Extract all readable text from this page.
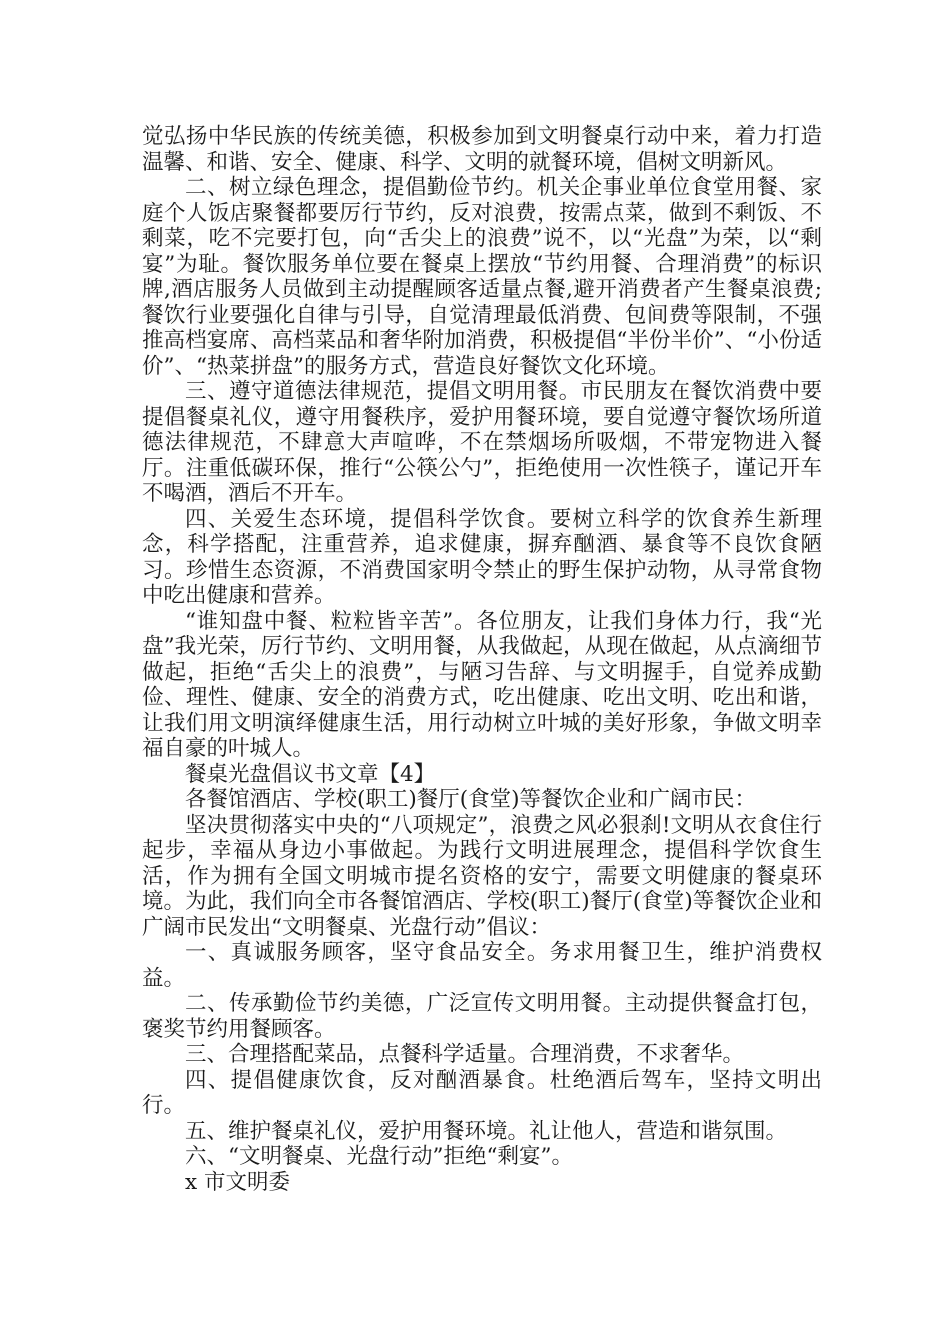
觉弘扬中华民族的传统美德，积极参加到文明餐桌行动中来，着力打造温馨、和谐、安全、健康、科学、文明的就餐环境，倡树文明新风。

二、树立绿色理念，提倡勤俭节约。机关企事业单位食堂用餐、家庭个人饭店聚餐都要厉行节约，反对浪费，按需点菜，做到不剩饭、不剩菜，吃不完要打包，向“舌尖上的浪费”说不，以“光盘”为荣，以“剩宴”为耻。餐饮服务单位要在餐桌上摆放“节约用餐、合理消费”的标识牌,酒店服务人员做到主动提醒顾客适量点餐,避开消费者产生餐桌浪费;餐饮行业要强化自律与引导，自觉清理最低消费、包间费等限制，不强推高档宴席、高档菜品和奢华附加消费，积极提倡“半份半价”、“小份适价”、“热菜拼盘”的服务方式，营造良好餐饮文化环境。

三、遵守道德法律规范，提倡文明用餐。市民朋友在餐饮消费中要提倡餐桌礼仪，遵守用餐秩序，爱护用餐环境，要自觉遵守餐饮场所道德法律规范，不肆意大声喧哗，不在禁烟场所吸烟，不带宠物进入餐厅。注重低碳环保，推行“公筷公勺”，拒绝使用一次性筷子，谨记开车不喝酒，酒后不开车。

四、关爱生态环境，提倡科学饮食。要树立科学的饮食养生新理念，科学搭配，注重营养，追求健康，摒弃酗酒、暴食等不良饮食陋习。珍惜生态资源，不消费国家明令禁止的野生保护动物，从寻常食物中吃出健康和营养。

“谁知盘中餐、粒粒皆辛苦”。各位朋友，让我们身体力行，我“光盘”我光荣，厉行节约、文明用餐，从我做起，从现在做起，从点滴细节做起，拒绝“舌尖上的浪费”，与陋习告辞、与文明握手，自觉养成勤俭、理性、健康、安全的消费方式，吃出健康、吃出文明、吃出和谐，让我们用文明演绎健康生活，用行动树立叶城的美好形象，争做文明幸福自豪的叶城人。

餐桌光盘倡议书文章【4】

各餐馆酒店、学校(职工)餐厅(食堂)等餐饮企业和广阔市民：

坚决贯彻落实中央的“八项规定”，浪费之风必狠刹!文明从衣食住行起步，幸福从身边小事做起。为践行文明进展理念，提倡科学饮食生活，作为拥有全国文明城市提名资格的安宁，需要文明健康的餐桌环境。为此，我们向全市各餐馆酒店、学校(职工)餐厅(食堂)等餐饮企业和广阔市民发出“文明餐桌、光盘行动”倡议：

一、真诚服务顾客，坚守食品安全。务求用餐卫生，维护消费权益。

二、传承勤俭节约美德，广泛宣传文明用餐。主动提供餐盒打包，褒奖节约用餐顾客。

三、合理搭配菜品，点餐科学适量。合理消费，不求奢华。

四、提倡健康饮食，反对酗酒暴食。杜绝酒后驾车，坚持文明出行。

五、维护餐桌礼仪，爱护用餐环境。礼让他人，营造和谐氛围。

六、“文明餐桌、光盘行动”拒绝“剩宴”。

x 市文明委
